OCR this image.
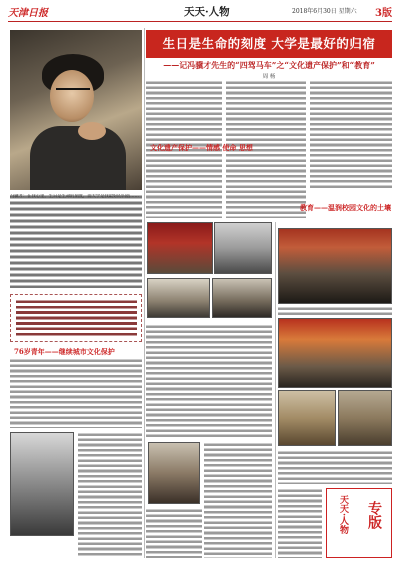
天津日报	天天·人物	2018年6月30日 星期六 3版
生日是生命的刻度 大学是最好的归宿
——记冯骥才先生的“四驾马车”之“文化遗产保护”和“教育”
周 杨
冯骥才：在我心里，生日是生命的刻度，而大学是我最好的归宿……
文化遗产保护——情感 使命 思想
教育——温润校园文化的土壤
76岁青年——继续城市文化保护
天天·人物 专版
